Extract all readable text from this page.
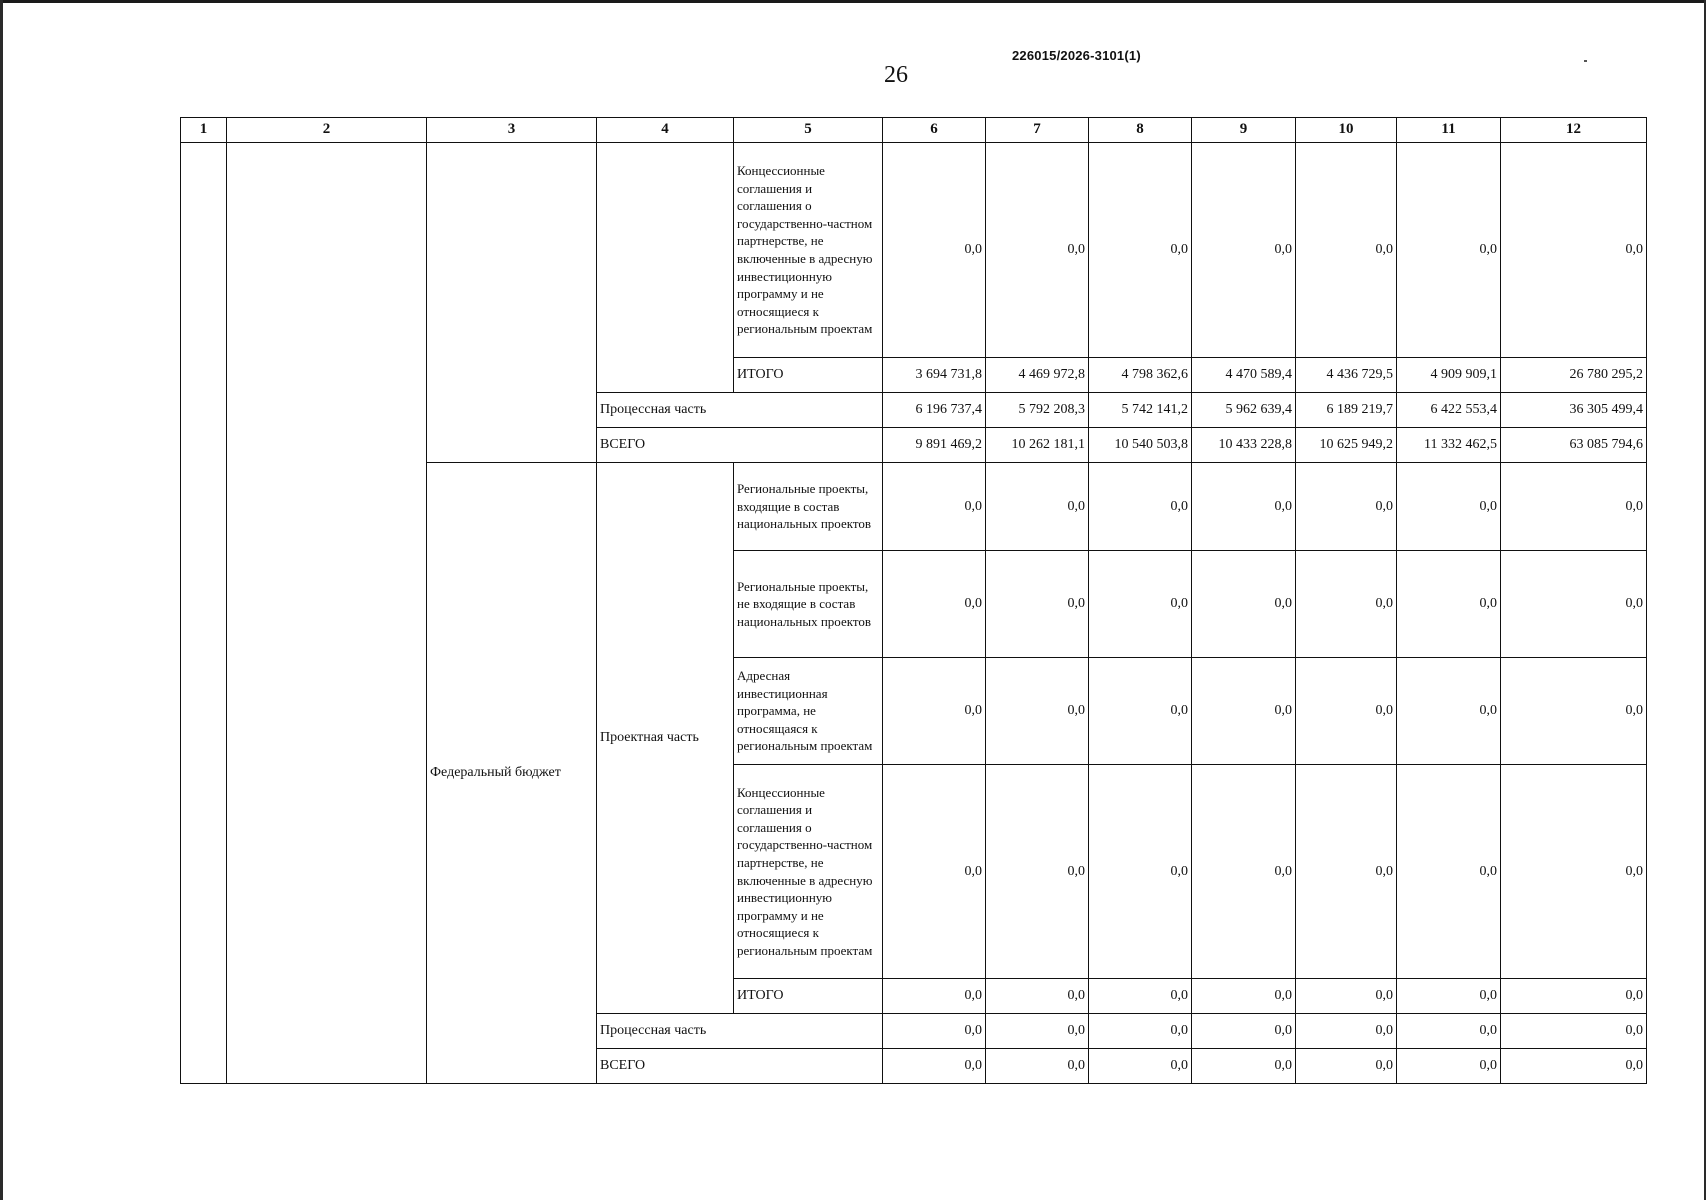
226015/2026-3101(1)
26
1	2	3	4	5	6	7	8	9	10	11	12
				Концессионные соглашения и соглашения о государственно-частном партнерстве, не включенные в адресную инвестиционную программу и не относящиеся к региональным проектам	0,0	0,0	0,0	0,0	0,0	0,0	0,0
				ИТОГО	3 694 731,8	4 469 972,8	4 798 362,6	4 470 589,4	4 436 729,5	4 909 909,1	26 780 295,2
			Процессная часть		6 196 737,4	5 792 208,3	5 742 141,2	5 962 639,4	6 189 219,7	6 422 553,4	36 305 499,4
			ВСЕГО		9 891 469,2	10 262 181,1	10 540 503,8	10 433 228,8	10 625 949,2	11 332 462,5	63 085 794,6
		Федеральный бюджет	Проектная часть	Региональные проекты, входящие в состав национальных проектов	0,0	0,0	0,0	0,0	0,0	0,0	0,0
				Региональные проекты, не входящие в состав национальных проектов	0,0	0,0	0,0	0,0	0,0	0,0	0,0
				Адресная инвестиционная программа, не относящаяся к региональным проектам	0,0	0,0	0,0	0,0	0,0	0,0	0,0
				Концессионные соглашения и соглашения о государственно-частном партнерстве, не включенные в адресную инвестиционную программу и не относящиеся к региональным проектам	0,0	0,0	0,0	0,0	0,0	0,0	0,0
				ИТОГО	0,0	0,0	0,0	0,0	0,0	0,0	0,0
			Процессная часть		0,0	0,0	0,0	0,0	0,0	0,0	0,0
			ВСЕГО		0,0	0,0	0,0	0,0	0,0	0,0	0,0
